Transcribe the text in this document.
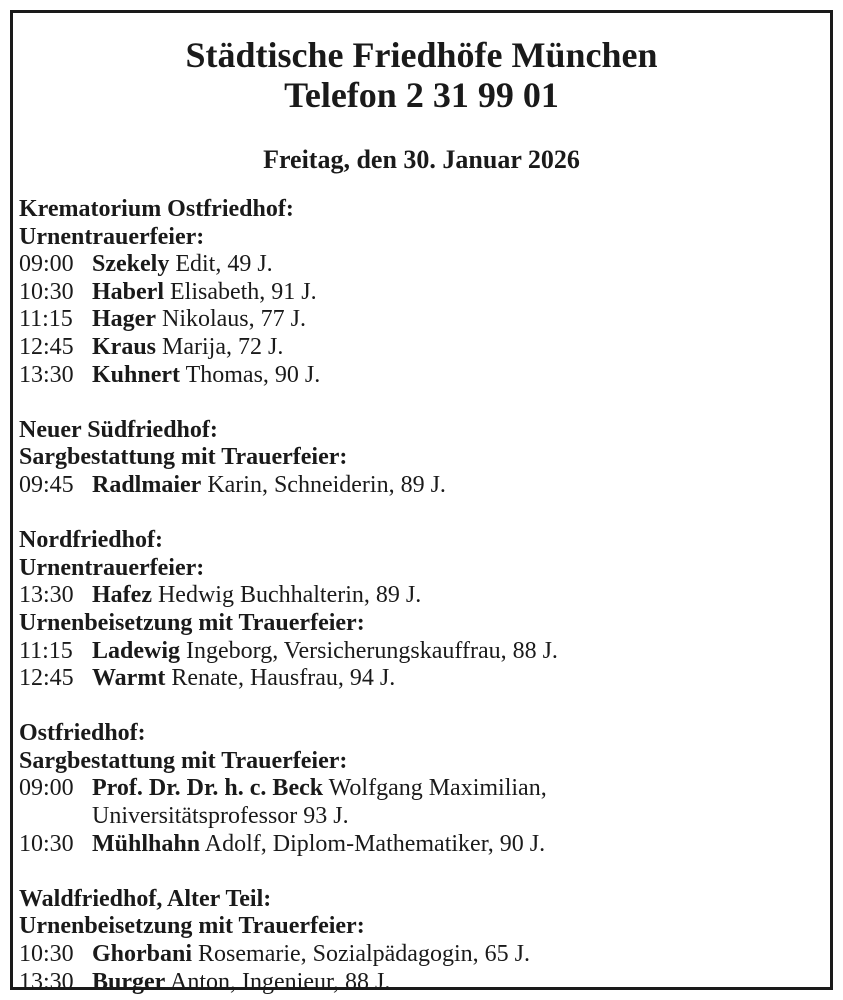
Städtische Friedhöfe München
Telefon 2 31 99 01
Freitag, den 30. Januar 2026
Krematorium Ostfriedhof:
Urnentrauerfeier:
09:00 Szekely Edit, 49 J.
10:30 Haberl Elisabeth, 91 J.
11:15 Hager Nikolaus, 77 J.
12:45 Kraus Marija, 72 J.
13:30 Kuhnert Thomas, 90 J.
Neuer Südfriedhof:
Sargbestattung mit Trauerfeier:
09:45 Radlmaier Karin, Schneiderin, 89 J.
Nordfriedhof:
Urnentrauerfeier:
13:30 Hafez Hedwig Buchhalterin, 89 J.
Urnenbeisetzung mit Trauerfeier:
11:15 Ladewig Ingeborg, Versicherungskauffrau, 88 J.
12:45 Warmt Renate, Hausfrau, 94 J.
Ostfriedhof:
Sargbestattung mit Trauerfeier:
09:00 Prof. Dr. Dr. h. c. Beck Wolfgang Maximilian,
Universitätsprofessor 93 J.
10:30 Mühlhahn Adolf, Diplom-Mathematiker, 90 J.
Waldfriedhof, Alter Teil:
Urnenbeisetzung mit Trauerfeier:
10:30 Ghorbani Rosemarie, Sozialpädagogin, 65 J.
13:30 Burger Anton, Ingenieur, 88 J.
